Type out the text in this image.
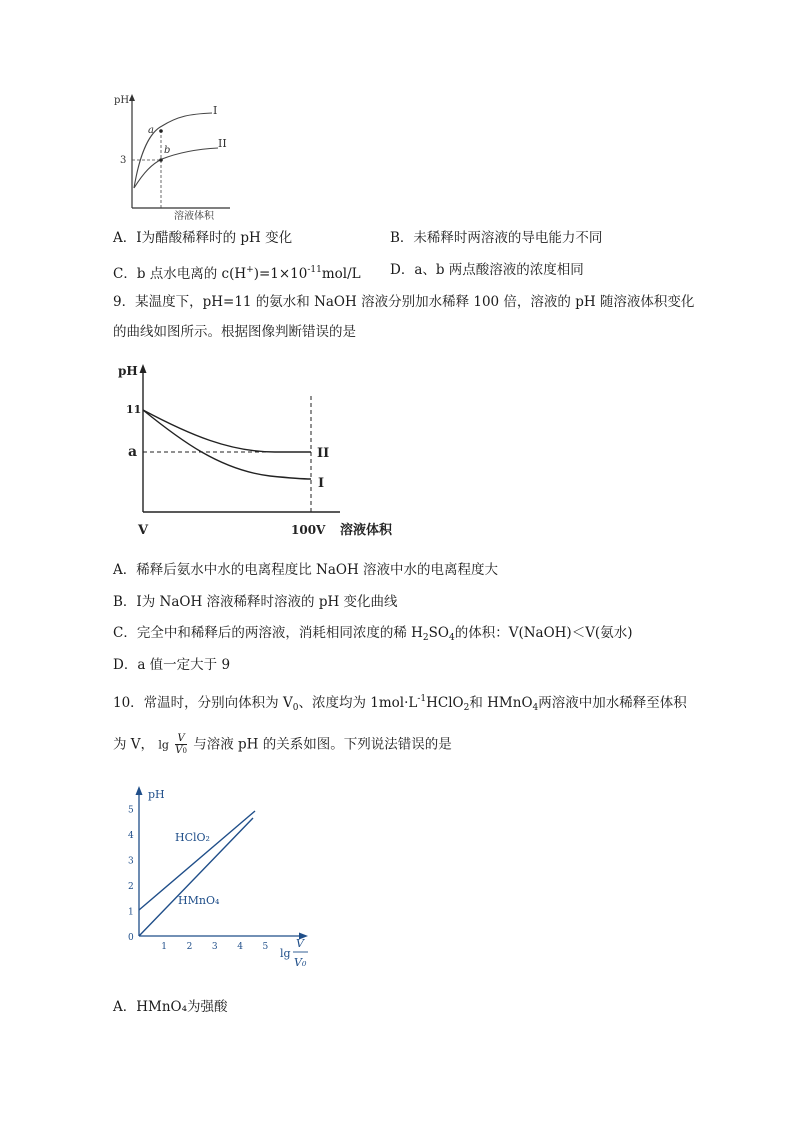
pH
3
a
b
I
II
溶液体积
A．Ⅰ为醋酸稀释时的 pH 变化	B．未稀释时两溶液的导电能力不同
C．b 点水电离的 $c(H^+)=1\times 10^{-11}mol/L$ D．a、b 两点酸溶液的浓度相同
9．某温度下，pH=11 的氨水和 NaOH 溶液分别加水稀释 100 倍，溶液的 pH 随溶液体积变化
的曲线如图所示。根据图像判断错误的是
pH
11
a	II
I
V	100V 溶液体积
A．稀释后氨水中水的电离程度比 NaOH 溶液中水的电离程度大
B．Ⅰ为 NaOH 溶液稀释时溶液的 pH 变化曲线
C．完全中和稀释后的两溶液，消耗相同浓度的稀 $H_2SO_4$的体积：V(NaOH)＜V(氨水)
D．a 值一定大于 9
10．常温时，分别向体积为 $V_0$、浓度均为 $1mol\cdot L^{-1}HClO_2$和 HMnO$_4$两溶液中加水稀释至体积
为 V， $\lg \frac{V}{V0}$ 与溶液 pH 的关系如图。下列说法错误的是
pH
0
1
2
3
4
5
1 2 3 4 5
HClO₂
HMnO₄
lg
V
V₀
A．HMnO₄为强酸
